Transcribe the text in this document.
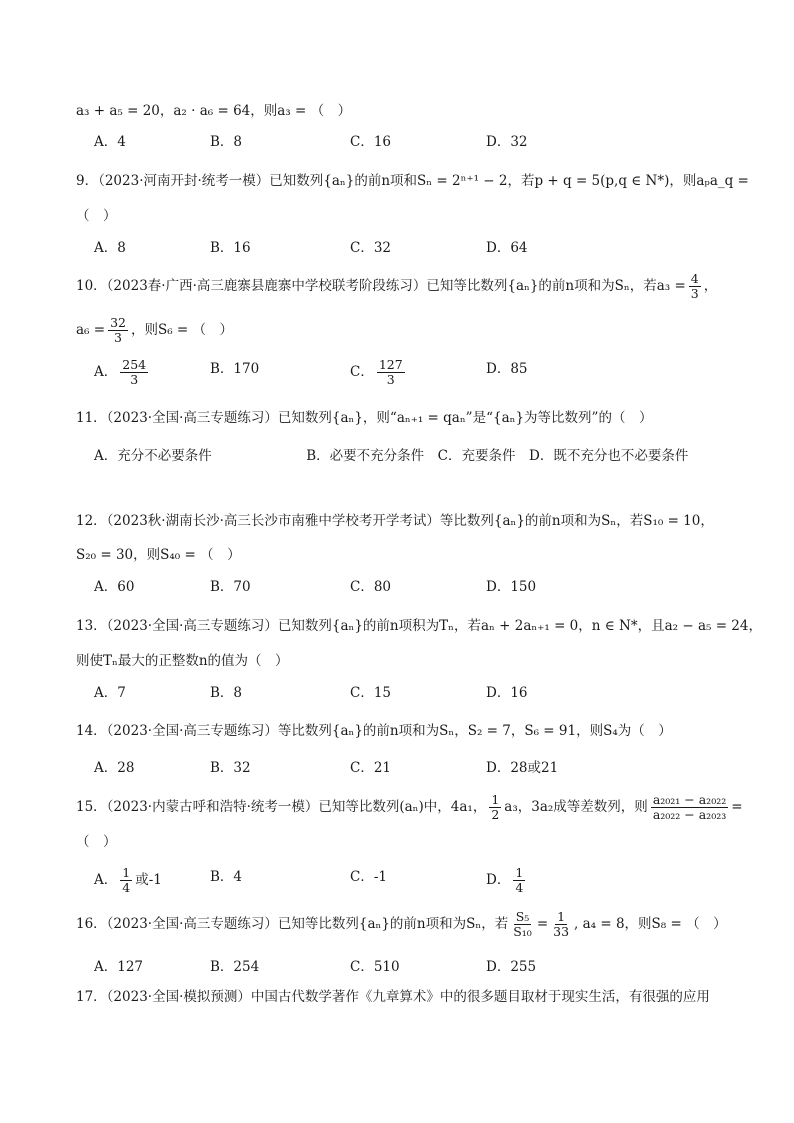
a₃ + a₅ = 20，a₂ · a₆ = 64，则a₃ = （　）
A．4	B．8	C．16	D．32
9．（2023·河南开封·统考一模）已知数列{aₙ}的前n项和Sₙ = 2ⁿ⁺¹ − 2，若p + q = 5(p,q ∈ N*)，则aₚa_q =
（　）
A．8	B．16	C．32	D．64
10．（2023春·广西·高三鹿寨县鹿寨中学校联考阶段练习）已知等比数列{aₙ}的前n项和为Sₙ，若$a_3 = \frac{4}{3}$ ，
$a_6 = \frac{32}{3}$ ，则S₆ = （　）
A． $\frac{254}{3}$	B．170	C． $\frac{127}{3}$	D．85
11．（2023·全国·高三专题练习）已知数列{aₙ}，则“aₙ₊₁ = qaₙ”是“{aₙ}为等比数列”的（　）
A．充分不必要条件　　　　　　　B．必要不充分条件　C．充要条件　D．既不充分也不必要条件
12．（2023秋·湖南长沙·高三长沙市南雅中学校考开学考试）等比数列{aₙ}的前n项和为Sₙ，若S₁₀ = 10，
S₂₀ = 30，则S₄₀ = （　）
A．60	B．70	C．80	D．150
13．（2023·全国·高三专题练习）已知数列{aₙ}的前n项积为Tₙ，若aₙ + 2aₙ₊₁ = 0，n ∈ N*，且a₂ − a₅ = 24，
则使Tₙ最大的正整数n的值为（　）
A．7	B．8	C．15	D．16
14．（2023·全国·高三专题练习）等比数列{aₙ}的前n项和为Sₙ，S₂ = 7，S₆ = 91，则S₄为（　）
A．28	B．32	C．21	D．28或21
15．（2023·内蒙古呼和浩特·统考一模）已知等比数列(aₙ)中，4a₁， $\frac{1}{2} a_3$，3a₂成等差数列，则 $\frac{\text{a₂₀₂₁ − a₂₀₂₂}}{\text{a₂₀₂₂ − a₂₀₂₃}}$ =
（　）
A． $\frac{1}{4}$ 或-1	B．4	C．-1	D． $\frac{1}{4}$
16．（2023·全国·高三专题练习）已知等比数列{aₙ}的前n项和为Sₙ，若 $\frac{\text{S₅}}{\text{S₁₀}} = \frac{1}{33}$ , a₄ = 8，则S₈ = （　）
A．127	B．254	C．510	D．255
17．（2023·全国·模拟预测）中国古代数学著作《九章算术》中的很多题目取材于现实生活，有很强的应用
